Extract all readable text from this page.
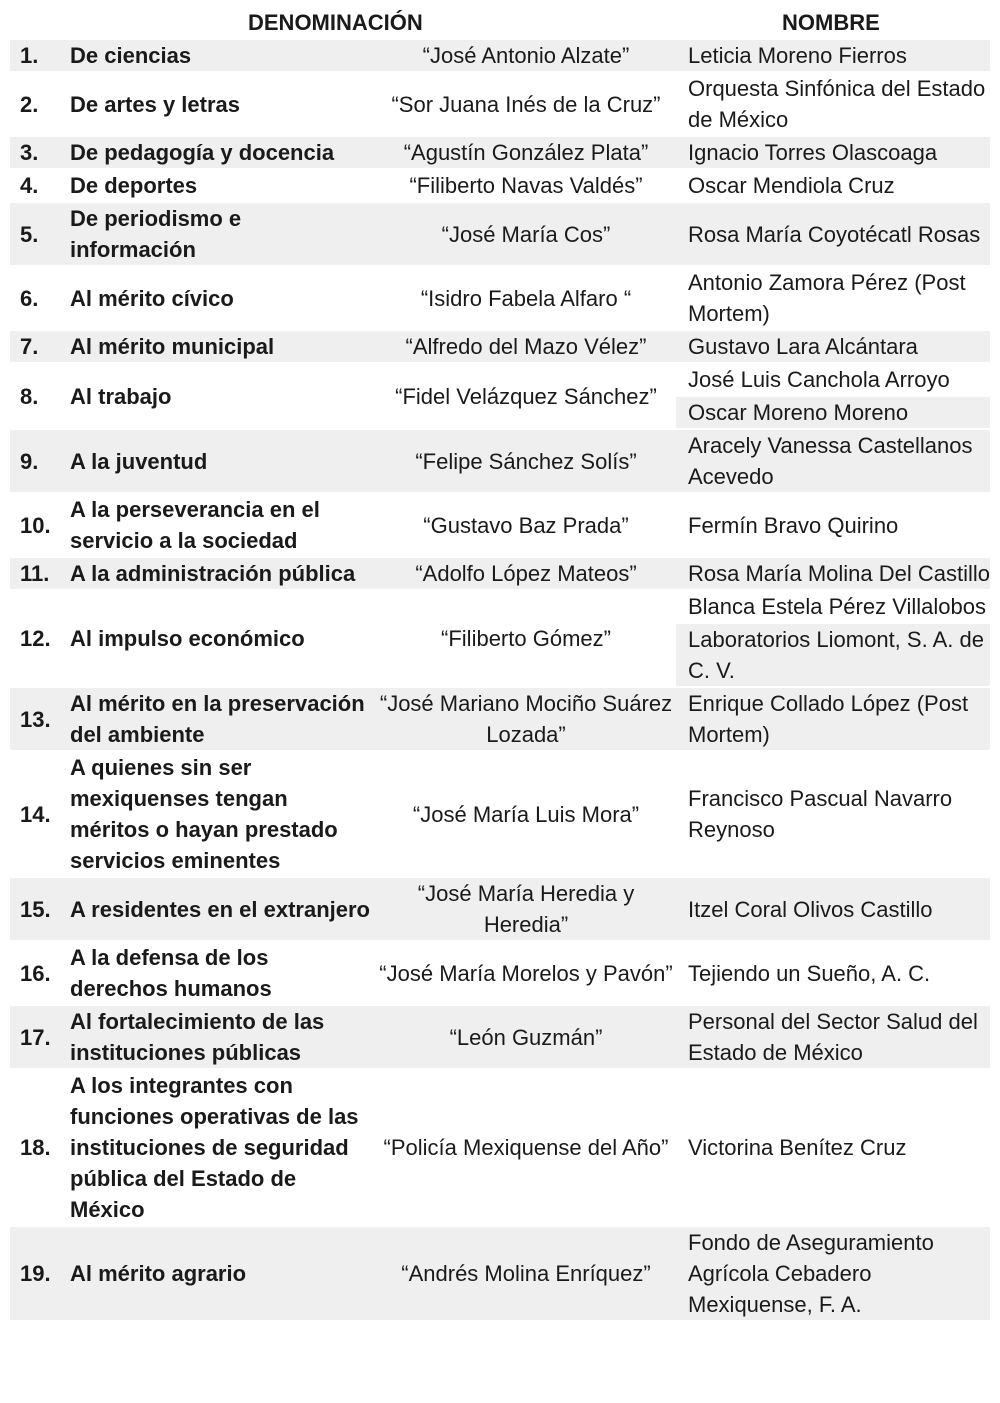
DENOMINACIÓN	NOMBRE
1.	De ciencias	“José Antonio Alzate”	Leticia Moreno Fierros
2.	De artes y letras	“Sor Juana Inés de la Cruz”	Orquesta Sinfónica del Estado de México
3.	De pedagogía y docencia	“Agustín González Plata”	Ignacio Torres Olascoaga
4.	De deportes	“Filiberto Navas Valdés”	Oscar Mendiola Cruz
5.	De periodismo e información	“José María Cos”	Rosa María Coyotécatl Rosas
6.	Al mérito cívico	“Isidro Fabela Alfaro “	Antonio Zamora Pérez (Post Mortem)
7.	Al mérito municipal	“Alfredo del Mazo Vélez”	Gustavo Lara Alcántara
8.	Al trabajo	“Fidel Velázquez Sánchez”	José Luis Canchola Arroyo
			Oscar Moreno Moreno
9.	A la juventud	“Felipe Sánchez Solís”	Aracely Vanessa Castellanos Acevedo
10.	A la perseverancia en el servicio a la sociedad	“Gustavo Baz Prada”	Fermín Bravo Quirino
11.	A la administración pública	“Adolfo López Mateos”	Rosa María Molina Del Castillo
12.	Al impulso económico	“Filiberto Gómez”	Blanca Estela Pérez Villalobos
			Laboratorios Liomont, S. A. de C. V.
13.	Al mérito en la preservación del ambiente	“José Mariano Mociño Suárez Lozada”	Enrique Collado López (Post Mortem)
14.	A quienes sin ser mexiquenses tengan méritos o hayan prestado servicios eminentes	“José María Luis Mora”	Francisco Pascual Navarro Reynoso
15.	A residentes en el extranjero	“José María Heredia y Heredia”	Itzel Coral Olivos Castillo
16.	A la defensa de los derechos humanos	“José María Morelos y Pavón”	Tejiendo un Sueño, A. C.
17.	Al fortalecimiento de las instituciones públicas	“León Guzmán”	Personal del Sector Salud del Estado de México
18.	A los integrantes con funciones operativas de las instituciones de seguridad pública del Estado de México	“Policía Mexiquense del Año”	Victorina Benítez Cruz
19.	Al mérito agrario	“Andrés Molina Enríquez”	Fondo de Aseguramiento Agrícola Cebadero Mexiquense, F. A.
